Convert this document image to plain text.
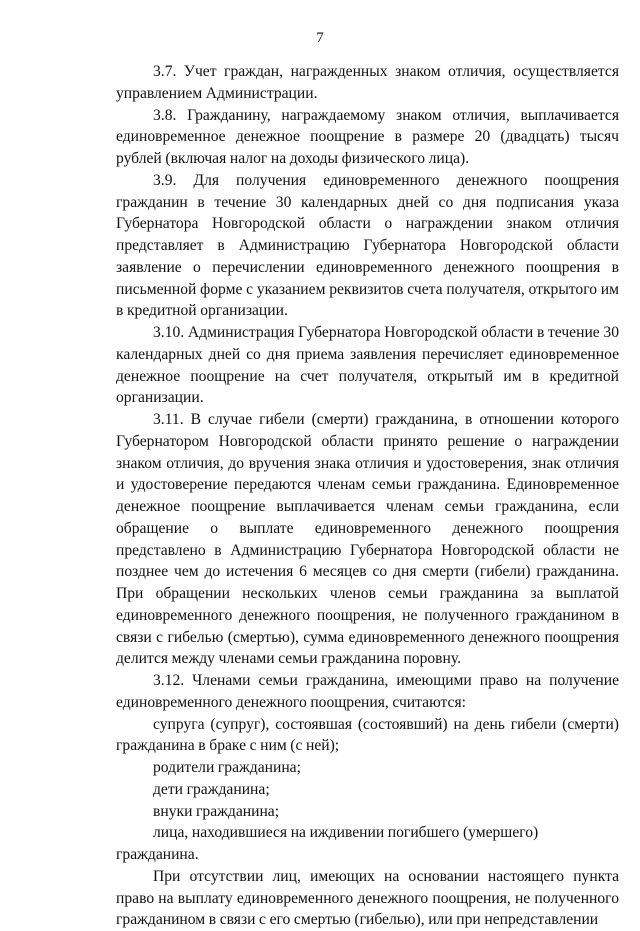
7

3.7. Учет граждан, награжденных знаком отличия, осуществляется управлением Администрации.

3.8. Гражданину, награждаемому знаком отличия, выплачивается единовременное денежное поощрение в размере 20 (двадцать) тысяч рублей (включая налог на доходы физического лица).

3.9. Для получения единовременного денежного поощрения гражданин в течение 30 календарных дней со дня подписания указа Губернатора Новгородской области о награждении знаком отличия представляет в Администрацию Губернатора Новгородской области заявление о перечислении единовременного денежного поощрения в письменной форме с указанием реквизитов счета получателя, открытого им в кредитной организации.

3.10. Администрация Губернатора Новгородской области в течение 30 календарных дней со дня приема заявления перечисляет единовременное денежное поощрение на счет получателя, открытый им в кредитной организации.

3.11. В случае гибели (смерти) гражданина, в отношении которого Губернатором Новгородской области принято решение о награждении знаком отличия, до вручения знака отличия и удостоверения, знак отличия и удостоверение передаются членам семьи гражданина. Единовременное денежное поощрение выплачивается членам семьи гражданина, если обращение о выплате единовременного денежного поощрения представлено в Администрацию Губернатора Новгородской области не позднее чем до истечения 6 месяцев со дня смерти (гибели) гражданина. При обращении нескольких членов семьи гражданина за выплатой единовременного денежного поощрения, не полученного гражданином в связи с гибелью (смертью), сумма единовременного денежного поощрения делится между членами семьи гражданина поровну.

3.12. Членами семьи гражданина, имеющими право на получение единовременного денежного поощрения, считаются:

супруга (супруг), состоявшая (состоявший) на день гибели (смерти) гражданина в браке с ним (с ней);

родители гражданина;

дети гражданина;

внуки гражданина;

лица, находившиеся на иждивении погибшего (умершего) гражданина.

При отсутствии лиц, имеющих на основании настоящего пункта право на выплату единовременного денежного поощрения, не полученного гражданином в связи с его смертью (гибелью), или при непредставлении
